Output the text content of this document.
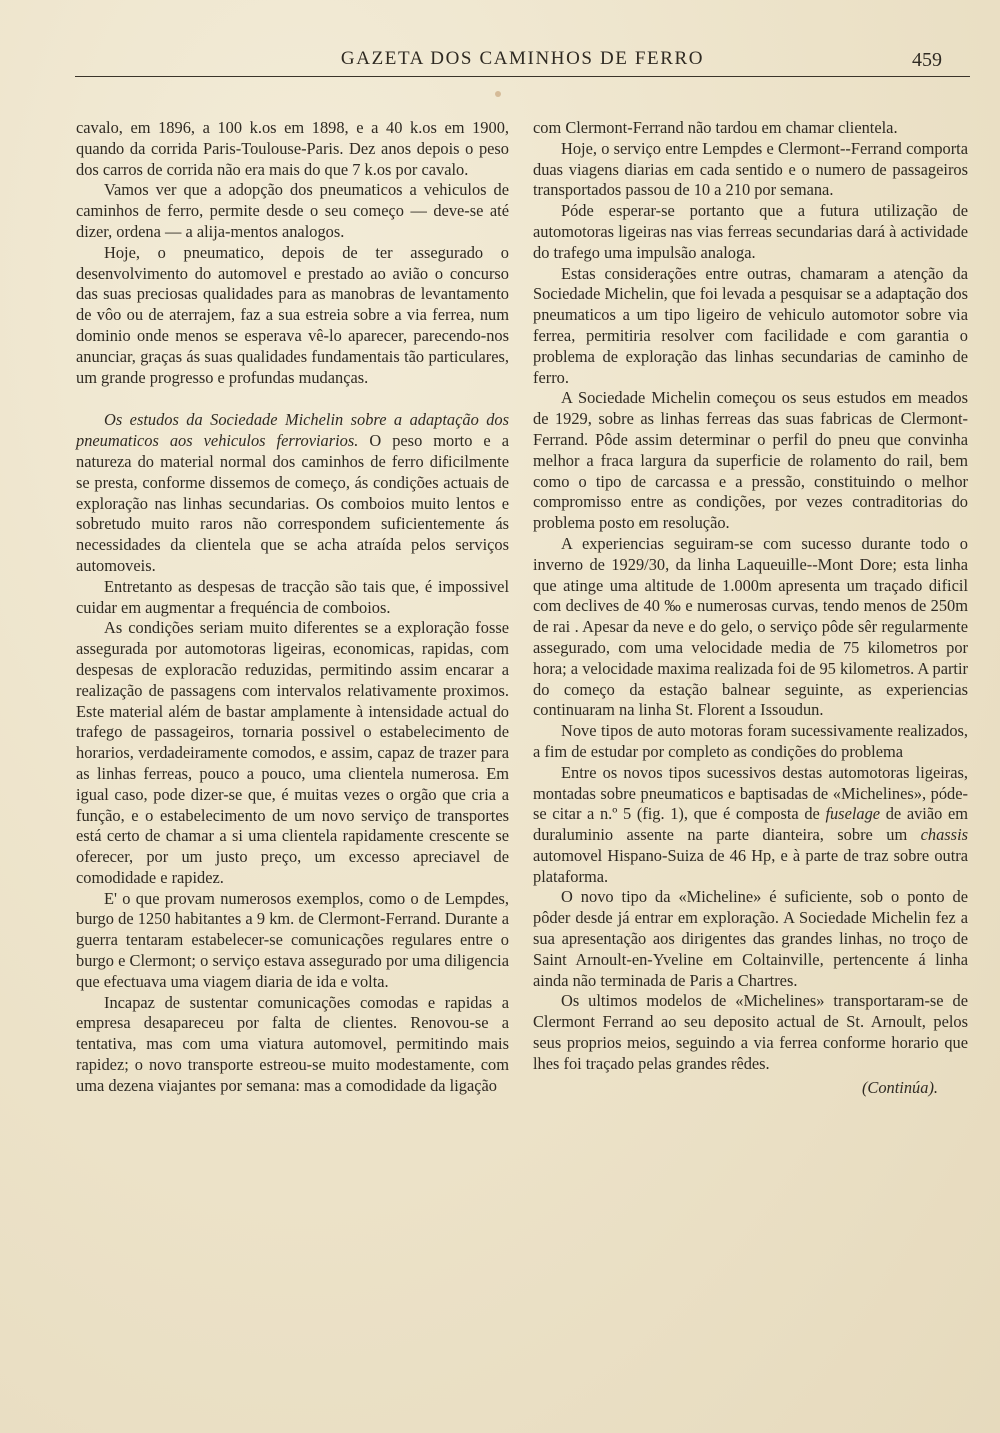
GAZETA DOS CAMINHOS DE FERRO	459

cavalo, em 1896, a 100 k.os em 1898, e a 40 k.os em 1900, quando da corrida Paris-Toulouse-Paris. Dez anos depois o peso dos carros de corrida não era mais do que 7 k.os por cavalo.

Vamos ver que a adopção dos pneumaticos a vehiculos de caminhos de ferro, permite desde o seu começo — deve-se até dizer, ordena — a alija-mentos analogos.

Hoje, o pneumatico, depois de ter assegurado o desenvolvimento do automovel e prestado ao avião o concurso das suas preciosas qualidades para as manobras de levantamento de vôo ou de aterrajem, faz a sua estreia sobre a via ferrea, num dominio onde menos se esperava vê-lo aparecer, parecendo-nos anunciar, graças ás suas qualidades fundamentais tão particulares, um grande progresso e profundas mudanças.

Os estudos da Sociedade Michelin sobre a adaptação dos pneumaticos aos vehiculos ferroviarios. O peso morto e a natureza do material normal dos caminhos de ferro dificilmente se presta, conforme dissemos de começo, ás condições actuais de exploração nas linhas secundarias. Os comboios muito lentos e sobretudo muito raros não correspondem suficientemente ás necessidades da clientela que se acha atraída pelos serviços automoveis.

Entretanto as despesas de tracção são tais que, é impossivel cuidar em augmentar a frequéncia de comboios.

As condições seriam muito diferentes se a exploração fosse assegurada por automotoras ligeiras, economicas, rapidas, com despesas de exploracão reduzidas, permitindo assim encarar a realização de passagens com intervalos relativamente proximos. Este material além de bastar amplamente à intensidade actual do trafego de passageiros, tornaria possivel o estabelecimento de horarios, verdadeiramente comodos, e assim, capaz de trazer para as linhas ferreas, pouco a pouco, uma clientela numerosa. Em igual caso, pode dizer-se que, é muitas vezes o orgão que cria a função, e o estabelecimento de um novo serviço de transportes está certo de chamar a si uma clientela rapidamente crescente se oferecer, por um justo preço, um excesso apreciavel de comodidade e rapidez.

E' o que provam numerosos exemplos, como o de Lempdes, burgo de 1250 habitantes a 9 km. de Clermont-Ferrand. Durante a guerra tentaram estabelecer-se comunicações regulares entre o burgo e Clermont; o serviço estava assegurado por uma diligencia que efectuava uma viagem diaria de ida e volta.

Incapaz de sustentar comunicações comodas e rapidas a empresa desapareceu por falta de clientes. Renovou-se a tentativa, mas com uma viatura automovel, permitindo mais rapidez; o novo transporte estreou-se muito modestamente, com uma dezena viajantes por semana: mas a comodidade da ligação

com Clermont-Ferrand não tardou em chamar clientela.

Hoje, o serviço entre Lempdes e Clermont--Ferrand comporta duas viagens diarias em cada sentido e o numero de passageiros transportados passou de 10 a 210 por semana.

Póde esperar-se portanto que a futura utilização de automotoras ligeiras nas vias ferreas secundarias dará à actividade do trafego uma impulsão analoga.

Estas considerações entre outras, chamaram a atenção da Sociedade Michelin, que foi levada a pesquisar se a adaptação dos pneumaticos a um tipo ligeiro de vehiculo automotor sobre via ferrea, permitiria resolver com facilidade e com garantia o problema de exploração das linhas secundarias de caminho de ferro.

A Sociedade Michelin começou os seus estudos em meados de 1929, sobre as linhas ferreas das suas fabricas de Clermont-Ferrand. Pôde assim determinar o perfil do pneu que convinha melhor a fraca largura da superficie de rolamento do rail, bem como o tipo de carcassa e a pressão, constituindo o melhor compromisso entre as condições, por vezes contraditorias do problema posto em resolução.

A experiencias seguiram-se com sucesso durante todo o inverno de 1929/30, da linha Laqueuille--Mont Dore; esta linha que atinge uma altitude de 1.000m apresenta um traçado dificil com declives de 40 ‰ e numerosas curvas, tendo menos de 250m de rai . Apesar da neve e do gelo, o serviço pôde sêr regularmente assegurado, com uma velocidade media de 75 kilometros por hora; a velocidade maxima realizada foi de 95 kilometros. A partir do começo da estação balnear seguinte, as experiencias continuaram na linha St. Florent a Issoudun.

Nove tipos de auto motoras foram sucessivamente realizados, a fim de estudar por completo as condições do problema

Entre os novos tipos sucessivos destas automotoras ligeiras, montadas sobre pneumaticos e baptisadas de «Michelines», póde-se citar a n.º 5 (fig. 1), que é composta de fuselage de avião em duraluminio assente na parte dianteira, sobre um chassis automovel Hispano-Suiza de 46 Hp, e à parte de traz sobre outra plataforma.

O novo tipo da «Micheline» é suficiente, sob o ponto de pôder desde já entrar em exploração. A Sociedade Michelin fez a sua apresentação aos dirigentes das grandes linhas, no troço de Saint Arnoult-en-Yveline em Coltainville, pertencente á linha ainda não terminada de Paris a Chartres.

Os ultimos modelos de «Michelines» transportaram-se de Clermont Ferrand ao seu deposito actual de St. Arnoult, pelos seus proprios meios, seguindo a via ferrea conforme horario que lhes foi traçado pelas grandes rêdes.

(Continúa).
